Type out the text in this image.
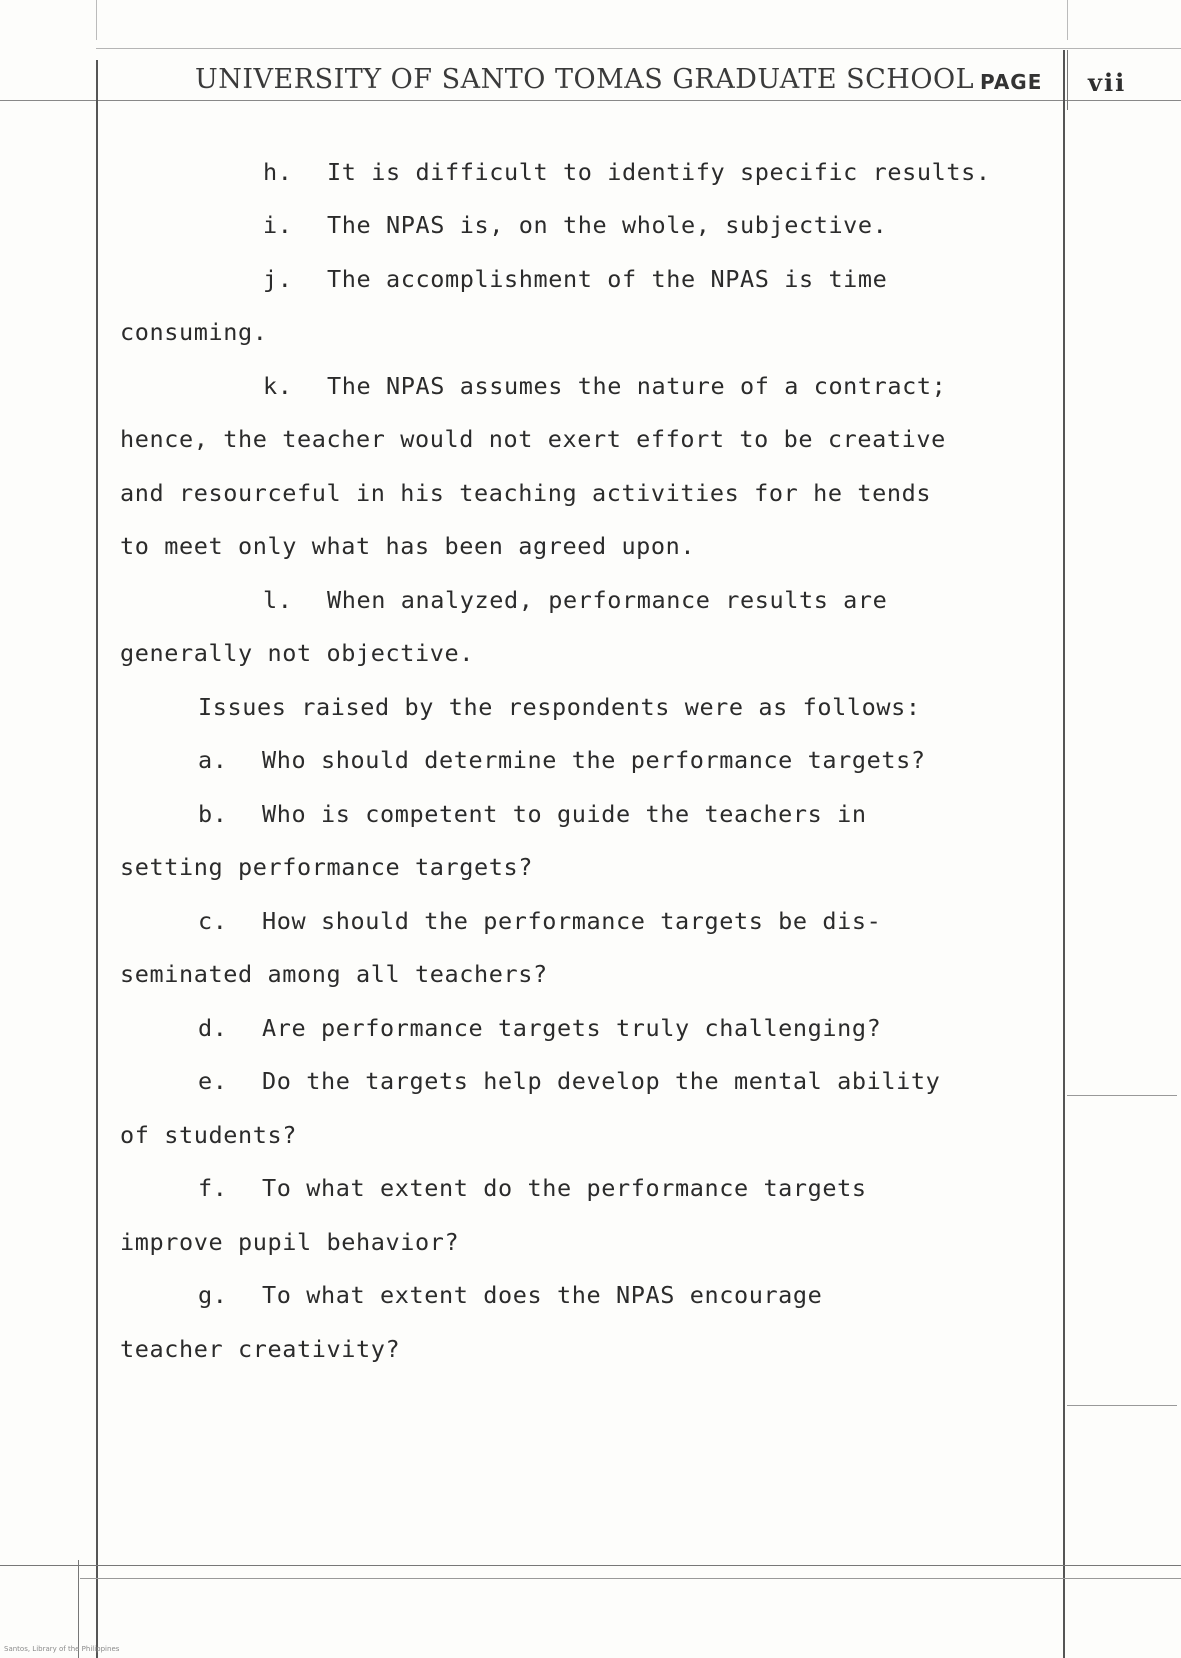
UNIVERSITY OF SANTO TOMAS GRADUATE SCHOOL PAGE vii
h. It is difficult to identify specific results.
i. The NPAS is, on the whole, subjective.
j. The accomplishment of the NPAS is time
consuming.
k. The NPAS assumes the nature of a contract;
hence, the teacher would not exert effort to be creative
and resourceful in his teaching activities for he tends
to meet only what has been agreed upon.
l. When analyzed, performance results are
generally not objective.
Issues raised by the respondents were as follows:
a. Who should determine the performance targets?
b. Who is competent to guide the teachers in
setting performance targets?
c. How should the performance targets be dis-
seminated among all teachers?
d. Are performance targets truly challenging?
e. Do the targets help develop the mental ability
of students?
f. To what extent do the performance targets
improve pupil behavior?
g. To what extent does the NPAS encourage
teacher creativity?
Santos, Library of the Philippines
